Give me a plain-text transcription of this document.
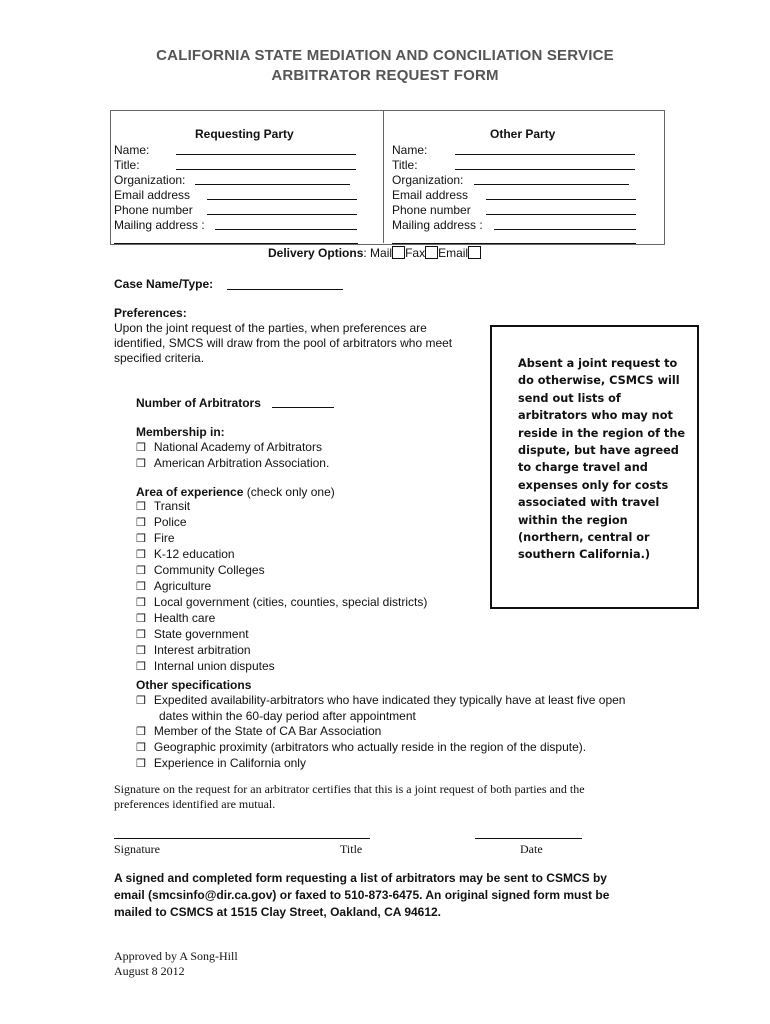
CALIFORNIA STATE MEDIATION AND CONCILIATION SERVICE
ARBITRATOR REQUEST FORM
Requesting Party
Name:
Title:
Organization:
Email address
Phone number
Mailing address :
Other Party
Name:
Title:
Organization:
Email address
Phone number
Mailing address :
Delivery Options: Mail Fax Email
Case Name/Type:
Preferences:
Upon the joint request of the parties, when preferences are
identified, SMCS will draw from the pool of arbitrators who meet
specified criteria.
Number of Arbitrators
Membership in:
❒ National Academy of Arbitrators
❒ American Arbitration Association.
Area of experience (check only one)
❒ Transit
❒ Police
❒ Fire
❒ K-12 education
❒ Community Colleges
❒ Agriculture
❒ Local government (cities, counties, special districts)
❒ Health care
❒ State government
❒ Interest arbitration
❒ Internal union disputes
Absent a joint request to
do otherwise, CSMCS will
send out lists of
arbitrators who may not
reside in the region of the
dispute, but have agreed
to charge travel and
expenses only for costs
associated with travel
within the region
(northern, central or
southern California.)
Other specifications
❒ Expedited availability-arbitrators who have indicated they typically have at least five open
dates within the 60-day period after appointment
❒ Member of the State of CA Bar Association
❒ Geographic proximity (arbitrators who actually reside in the region of the dispute).
❒ Experience in California only
Signature on the request for an arbitrator certifies that this is a joint request of both parties and the
preferences identified are mutual.
Signature	Title	Date
A signed and completed form requesting a list of arbitrators may be sent to CSMCS by
email (smcsinfo@dir.ca.gov) or faxed to 510-873-6475. An original signed form must be
mailed to CSMCS at 1515 Clay Street, Oakland, CA 94612.
Approved by A Song-Hill
August 8 2012
